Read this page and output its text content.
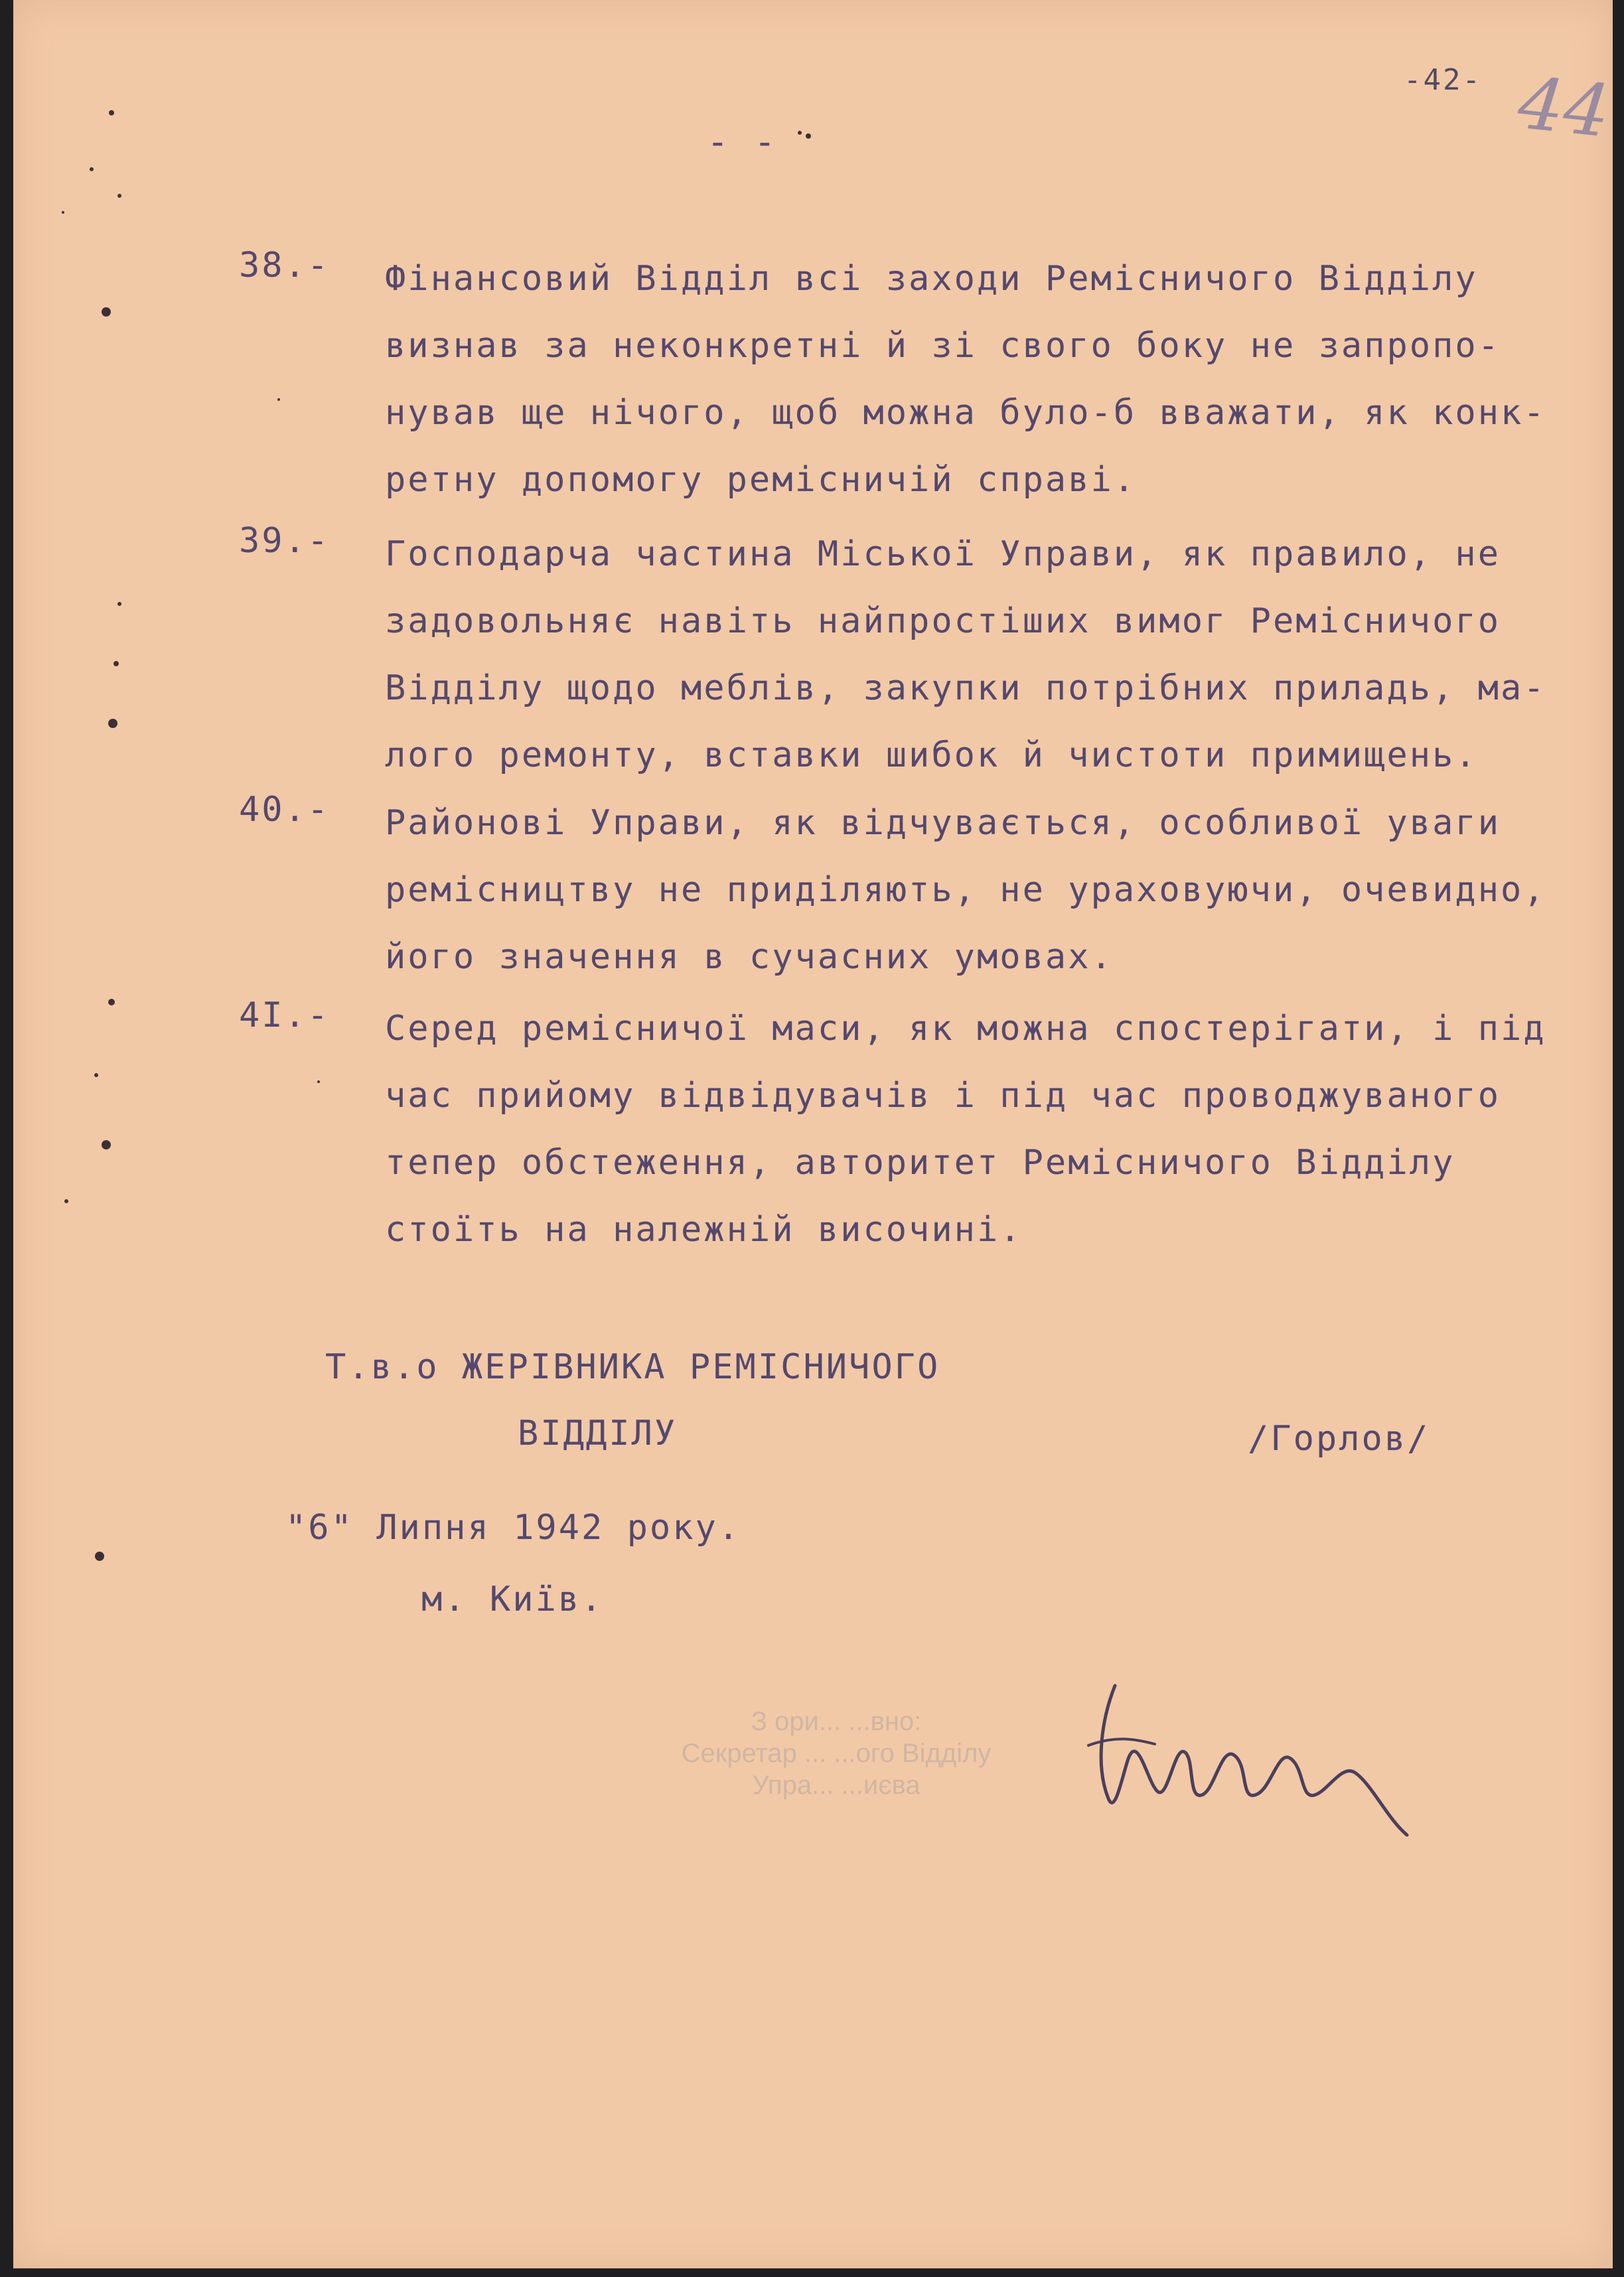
-42- 44
- -
38.-	Фінансовий Відділ всі заходи Ремісничого Відділу
визнав за неконкретні й зі свого боку не запропо-
нував ще нічого, щоб можна було-б вважати, як конк-
ретну допомогу ремісничій справі.
39.-	Господарча частина Міської Управи, як правило, не
задовольняє навіть найпростіших вимог Ремісничого
Відділу щодо меблів, закупки потрібних приладь, ма-
лого ремонту, вставки шибок й чистоти примищень.
40.-	Районові Управи, як відчувається, особливої уваги
ремісництву не приділяють, не ураховуючи, очевидно,
його значення в сучасних умовах.
4I.-	Серед ремісничої маси, як можна спостерігати, і під
час прийому відвідувачів і під час проводжуваного
тепер обстеження, авторитет Ремісничого Відділу
стоїть на належній височині.
Т.в.о ЖЕРІВНИКА РЕМІСНИЧОГО
ВІДДІЛУ	/Горлов/
"6" Липня 1942 року.
м. Київ.
З ори... ...вно:
Секретар ... ...ого Відділу
Упра... ...иєва
